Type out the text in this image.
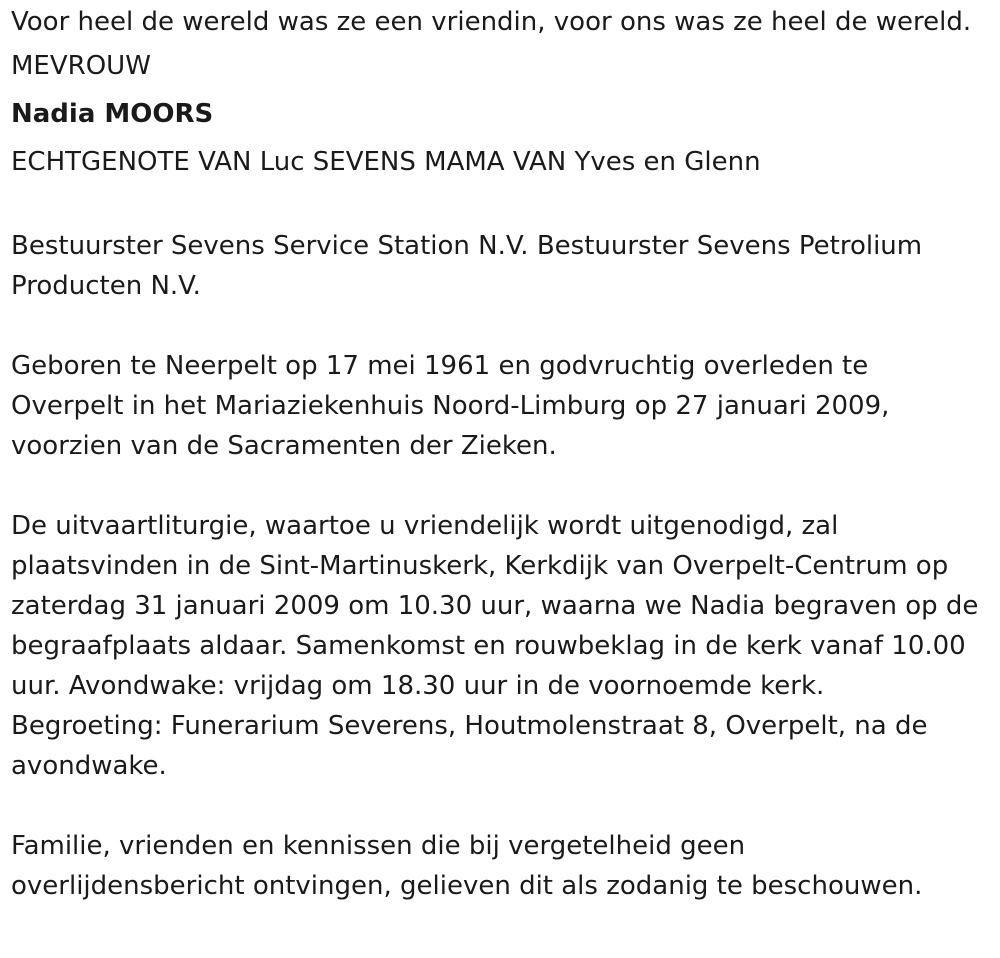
Voor heel de wereld was ze een vriendin, voor ons was ze heel de wereld.

MEVROUW

Nadia MOORS

ECHTGENOTE VAN Luc SEVENS MAMA VAN Yves en Glenn

Bestuurster Sevens Service Station N.V. Bestuurster Sevens Petrolium

Producten N.V.

Geboren te Neerpelt op 17 mei 1961 en godvruchtig overleden te

Overpelt in het Mariaziekenhuis Noord-Limburg op 27 januari 2009,

voorzien van de Sacramenten der Zieken.

De uitvaartliturgie, waartoe u vriendelijk wordt uitgenodigd, zal

plaatsvinden in de Sint-Martinuskerk, Kerkdijk van Overpelt-Centrum op

zaterdag 31 januari 2009 om 10.30 uur, waarna we Nadia begraven op de

begraafplaats aldaar. Samenkomst en rouwbeklag in de kerk vanaf 10.00

uur. Avondwake: vrijdag om 18.30 uur in de voornoemde kerk.

Begroeting: Funerarium Severens, Houtmolenstraat 8, Overpelt, na de

avondwake.

Familie, vrienden en kennissen die bij vergetelheid geen

overlijdensbericht ontvingen, gelieven dit als zodanig te beschouwen.
